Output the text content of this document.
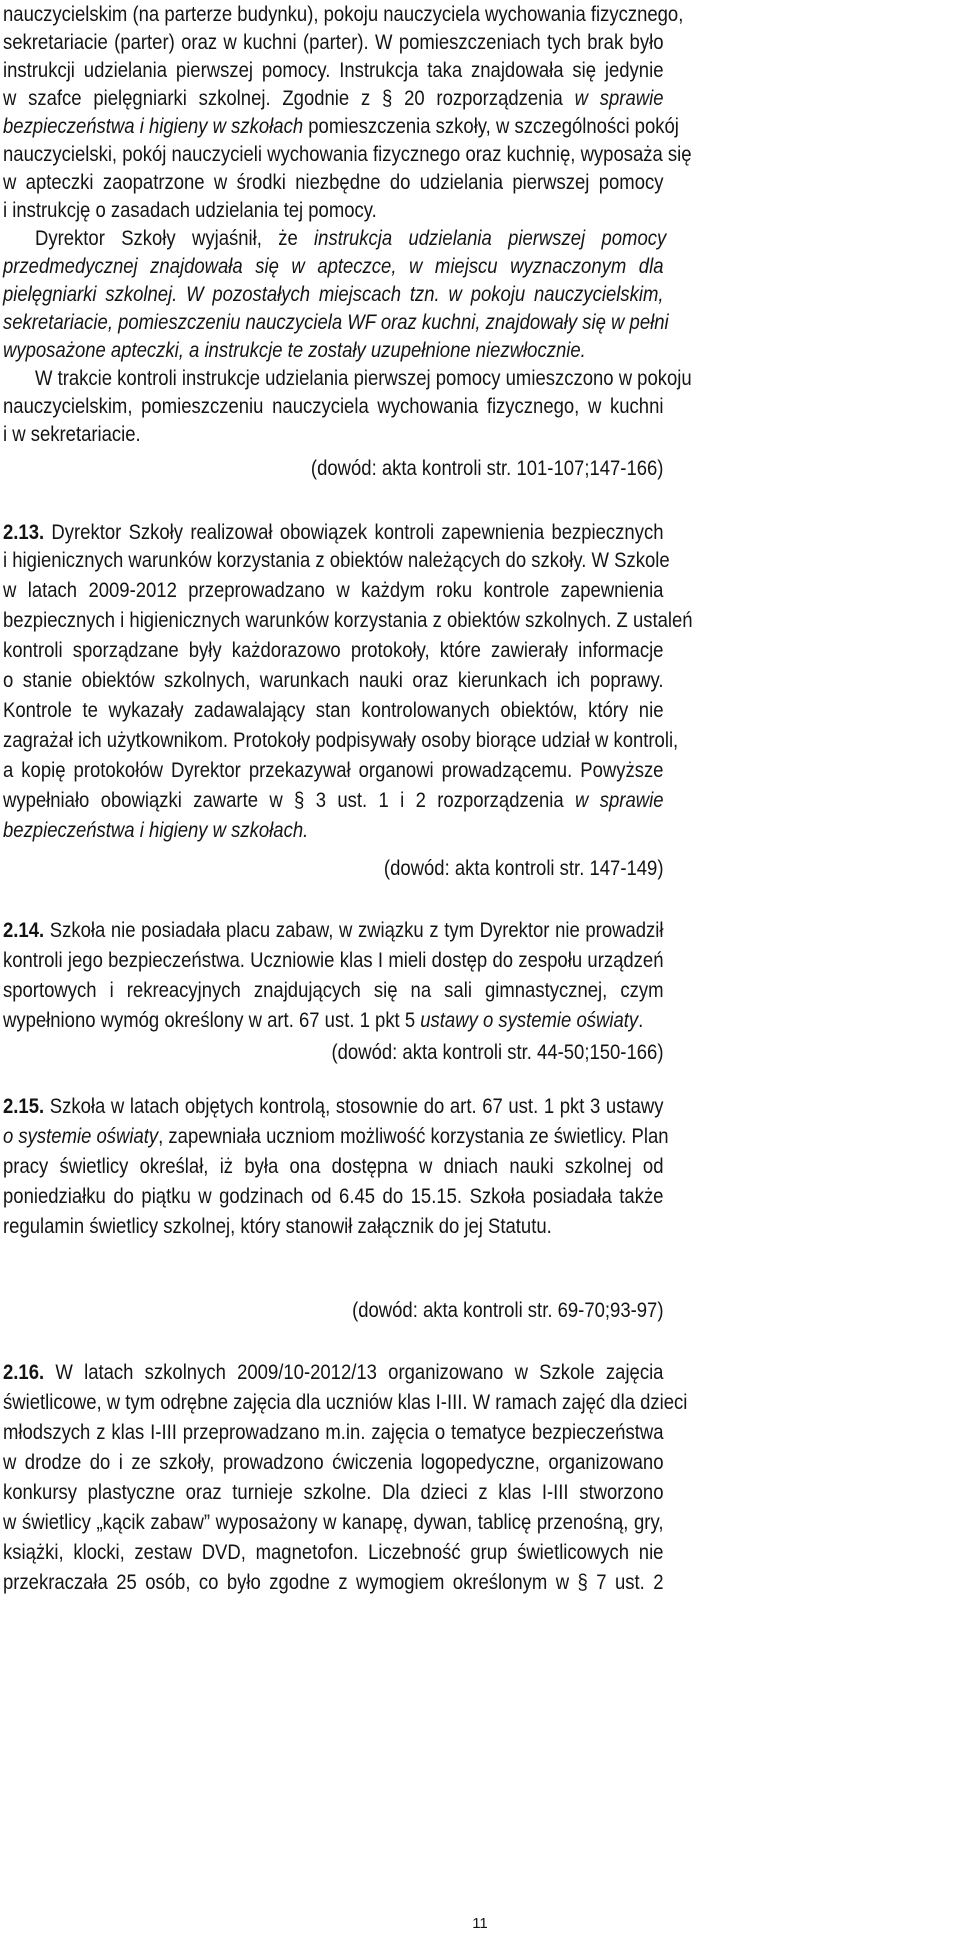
nauczycielskim (na parterze budynku), pokoju nauczyciela wychowania fizycznego,
sekretariacie (parter) oraz w kuchni (parter). W pomieszczeniach tych brak było
instrukcji udzielania pierwszej pomocy. Instrukcja taka znajdowała się jedynie
w szafce pielęgniarki szkolnej. Zgodnie z § 20 rozporządzenia w sprawie
bezpieczeństwa i higieny w szkołach pomieszczenia szkoły, w szczególności pokój
nauczycielski, pokój nauczycieli wychowania fizycznego oraz kuchnię, wyposaża się
w apteczki zaopatrzone w środki niezbędne do udzielania pierwszej pomocy
i instrukcję o zasadach udzielania tej pomocy.
Dyrektor Szkoły wyjaśnił, że instrukcja udzielania pierwszej pomocy
przedmedycznej znajdowała się w apteczce, w miejscu wyznaczonym dla
pielęgniarki szkolnej. W pozostałych miejscach tzn. w pokoju nauczycielskim,
sekretariacie, pomieszczeniu nauczyciela WF oraz kuchni, znajdowały się w pełni
wyposażone apteczki, a instrukcje te zostały uzupełnione niezwłocznie.
W trakcie kontroli instrukcje udzielania pierwszej pomocy umieszczono w pokoju
nauczycielskim, pomieszczeniu nauczyciela wychowania fizycznego, w kuchni
i w sekretariacie.
(dowód: akta kontroli str. 101-107;147-166)
2.13. Dyrektor Szkoły realizował obowiązek kontroli zapewnienia bezpiecznych
i higienicznych warunków korzystania z obiektów należących do szkoły. W Szkole
w latach 2009-2012 przeprowadzano w każdym roku kontrole zapewnienia
bezpiecznych i higienicznych warunków korzystania z obiektów szkolnych. Z ustaleń
kontroli sporządzane były każdorazowo protokoły, które zawierały informacje
o stanie obiektów szkolnych, warunkach nauki oraz kierunkach ich poprawy.
Kontrole te wykazały zadawalający stan kontrolowanych obiektów, który nie
zagrażał ich użytkownikom. Protokoły podpisywały osoby biorące udział w kontroli,
a kopię protokołów Dyrektor przekazywał organowi prowadzącemu. Powyższe
wypełniało obowiązki zawarte w § 3 ust. 1 i 2 rozporządzenia w sprawie
bezpieczeństwa i higieny w szkołach.
(dowód: akta kontroli str. 147-149)
2.14. Szkoła nie posiadała placu zabaw, w związku z tym Dyrektor nie prowadził
kontroli jego bezpieczeństwa. Uczniowie klas I mieli dostęp do zespołu urządzeń
sportowych i rekreacyjnych znajdujących się na sali gimnastycznej, czym
wypełniono wymóg określony w art. 67 ust. 1 pkt 5 ustawy o systemie oświaty.
(dowód: akta kontroli str. 44-50;150-166)
2.15. Szkoła w latach objętych kontrolą, stosownie do art. 67 ust. 1 pkt 3 ustawy
o systemie oświaty, zapewniała uczniom możliwość korzystania ze świetlicy. Plan
pracy świetlicy określał, iż była ona dostępna w dniach nauki szkolnej od
poniedziałku do piątku w godzinach od 6.45 do 15.15. Szkoła posiadała także
regulamin świetlicy szkolnej, który stanowił załącznik do jej Statutu.
(dowód: akta kontroli str. 69-70;93-97)
2.16. W latach szkolnych 2009/10-2012/13 organizowano w Szkole zajęcia
świetlicowe, w tym odrębne zajęcia dla uczniów klas I-III. W ramach zajęć dla dzieci
młodszych z klas I-III przeprowadzano m.in. zajęcia o tematyce bezpieczeństwa
w drodze do i ze szkoły, prowadzono ćwiczenia logopedyczne, organizowano
konkursy plastyczne oraz turnieje szkolne. Dla dzieci z klas I-III stworzono
w świetlicy „kącik zabaw” wyposażony w kanapę, dywan, tablicę przenośną, gry,
książki, klocki, zestaw DVD, magnetofon. Liczebność grup świetlicowych nie
przekraczała 25 osób, co było zgodne z wymogiem określonym w § 7 ust. 2
11
